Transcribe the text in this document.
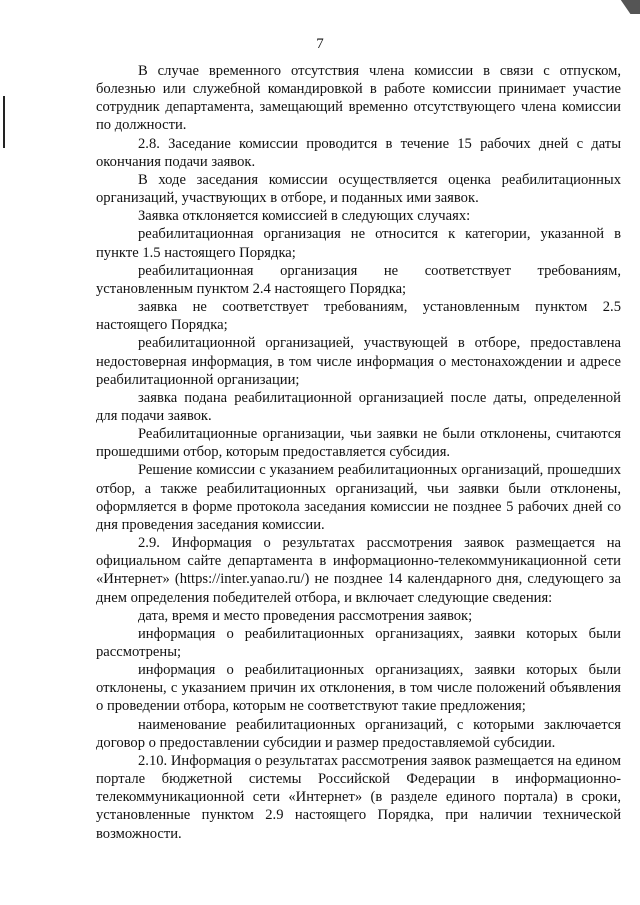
7

В случае временного отсутствия члена комиссии в связи с отпуском, болезнью или служебной командировкой в работе комиссии принимает участие сотрудник департамента, замещающий временно отсутствующего члена комиссии по должности.

2.8. Заседание комиссии проводится в течение 15 рабочих дней с даты окончания подачи заявок.

В ходе заседания комиссии осуществляется оценка реабилитационных организаций, участвующих в отборе, и поданных ими заявок.

Заявка отклоняется комиссией в следующих случаях:

реабилитационная организация не относится к категории, указанной в пункте 1.5 настоящего Порядка;

реабилитационная организация не соответствует требованиям, установленным пунктом 2.4 настоящего Порядка;

заявка не соответствует требованиям, установленным пунктом 2.5 настоящего Порядка;

реабилитационной организацией, участвующей в отборе, предоставлена недостоверная информация, в том числе информация о местонахождении и адресе реабилитационной организации;

заявка подана реабилитационной организацией после даты, определенной для подачи заявок.

Реабилитационные организации, чьи заявки не были отклонены, считаются прошедшими отбор, которым предоставляется субсидия.

Решение комиссии с указанием реабилитационных организаций, прошедших отбор, а также реабилитационных организаций, чьи заявки были отклонены, оформляется в форме протокола заседания комиссии не позднее 5 рабочих дней со дня проведения заседания комиссии.

2.9. Информация о результатах рассмотрения заявок размещается на официальном сайте департамента в информационно-телекоммуникационной сети «Интернет» (https://inter.yanao.ru/) не позднее 14 календарного дня, следующего за днем определения победителей отбора, и включает следующие сведения:

дата, время и место проведения рассмотрения заявок;

информация о реабилитационных организациях, заявки которых были рассмотрены;

информация о реабилитационных организациях, заявки которых были отклонены, с указанием причин их отклонения, в том числе положений объявления о проведении отбора, которым не соответствуют такие предложения;

наименование реабилитационных организаций, с которыми заключается договор о предоставлении субсидии и размер предоставляемой субсидии.

2.10. Информация о результатах рассмотрения заявок размещается на едином портале бюджетной системы Российской Федерации в информационно-телекоммуникационной сети «Интернет» (в разделе единого портала) в сроки, установленные пунктом 2.9 настоящего Порядка, при наличии технической возможности.
